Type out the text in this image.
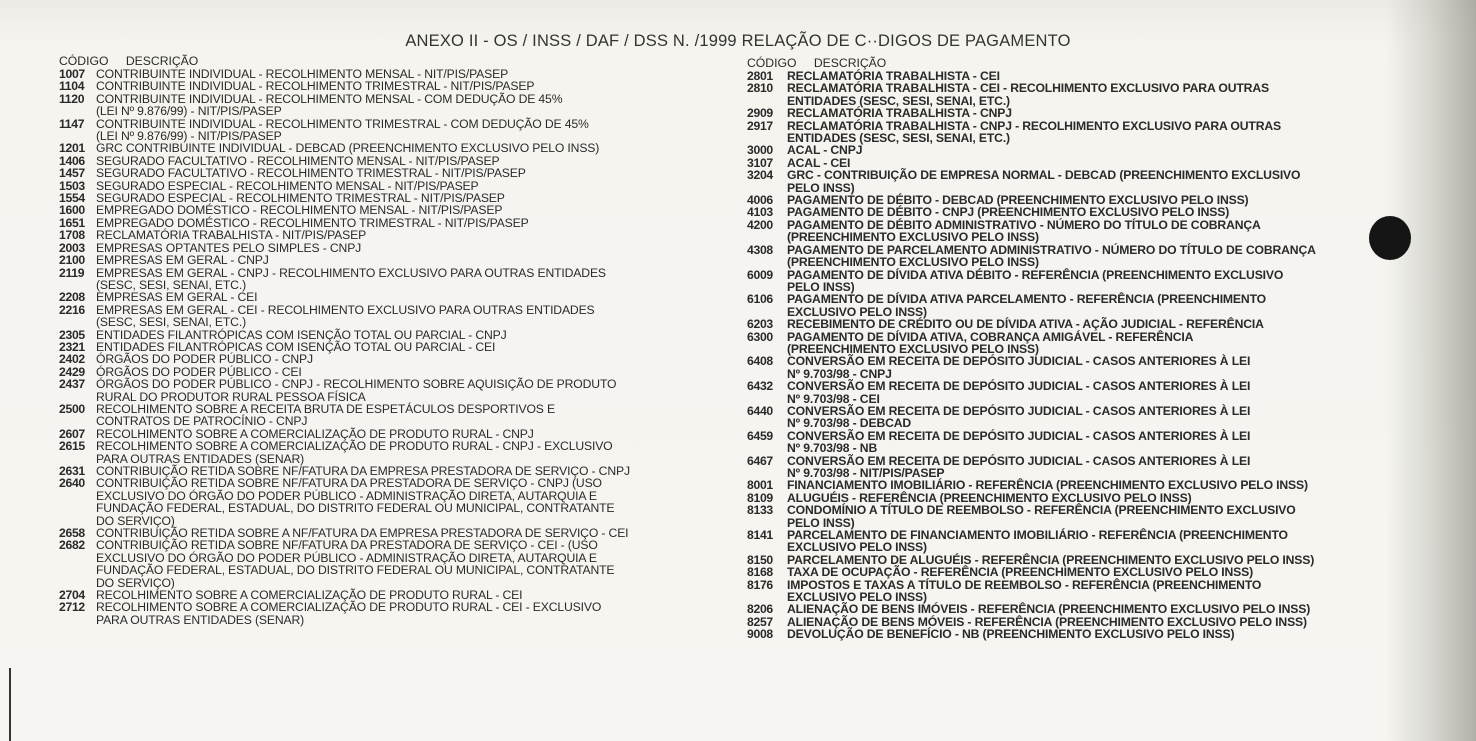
ANEXO II - OS / INSS / DAF / DSS N. /1999 RELAÇÃO DE C··DIGOS DE PAGAMENTO
CÓDIGO DESCRIÇÃO
1007 CONTRIBUINTE INDIVIDUAL - RECOLHIMENTO MENSAL - NIT/PIS/PASEP
1104 CONTRIBUINTE INDIVIDUAL - RECOLHIMENTO TRIMESTRAL - NIT/PIS/PASEP
1120 CONTRIBUINTE INDIVIDUAL - RECOLHIMENTO MENSAL - COM DEDUÇÃO DE 45%
(LEI Nº 9.876/99) - NIT/PIS/PASEP
1147 CONTRIBUINTE INDIVIDUAL - RECOLHIMENTO TRIMESTRAL - COM DEDUÇÃO DE 45%
(LEI Nº 9.876/99) - NIT/PIS/PASEP
1201 GRC CONTRIBUINTE INDIVIDUAL - DEBCAD (PREENCHIMENTO EXCLUSIVO PELO INSS)
1406 SEGURADO FACULTATIVO - RECOLHIMENTO MENSAL - NIT/PIS/PASEP
1457 SEGURADO FACULTATIVO - RECOLHIMENTO TRIMESTRAL - NIT/PIS/PASEP
1503 SEGURADO ESPECIAL - RECOLHIMENTO MENSAL - NIT/PIS/PASEP
1554 SEGURADO ESPECIAL - RECOLHIMENTO TRIMESTRAL - NIT/PIS/PASEP
1600 EMPREGADO DOMÉSTICO - RECOLHIMENTO MENSAL - NIT/PIS/PASEP
1651 EMPREGADO DOMÉSTICO - RECOLHIMENTO TRIMESTRAL - NIT/PIS/PASEP
1708 RECLAMATÓRIA TRABALHISTA - NIT/PIS/PASEP
2003 EMPRESAS OPTANTES PELO SIMPLES - CNPJ
2100 EMPRESAS EM GERAL - CNPJ
2119 EMPRESAS EM GERAL - CNPJ - RECOLHIMENTO EXCLUSIVO PARA OUTRAS ENTIDADES
(SESC, SESI, SENAI, ETC.)
2208 EMPRESAS EM GERAL - CEI
2216 EMPRESAS EM GERAL - CEI - RECOLHIMENTO EXCLUSIVO PARA OUTRAS ENTIDADES
(SESC, SESI, SENAI, ETC.)
2305 ENTIDADES FILANTRÓPICAS COM ISENÇÃO TOTAL OU PARCIAL - CNPJ
2321 ENTIDADES FILANTRÓPICAS COM ISENÇÃO TOTAL OU PARCIAL - CEI
2402 ÓRGÃOS DO PODER PÚBLICO - CNPJ
2429 ÓRGÃOS DO PODER PÚBLICO - CEI
2437 ÓRGÃOS DO PODER PÚBLICO - CNPJ - RECOLHIMENTO SOBRE AQUISIÇÃO DE PRODUTO
RURAL DO PRODUTOR RURAL PESSOA FÍSICA
2500 RECOLHIMENTO SOBRE A RECEITA BRUTA DE ESPETÁCULOS DESPORTIVOS E
CONTRATOS DE PATROCÍNIO - CNPJ
2607 RECOLHIMENTO SOBRE A COMERCIALIZAÇÃO DE PRODUTO RURAL - CNPJ
2615 RECOLHIMENTO SOBRE A COMERCIALIZAÇÃO DE PRODUTO RURAL - CNPJ - EXCLUSIVO
PARA OUTRAS ENTIDADES (SENAR)
2631 CONTRIBUIÇÃO RETIDA SOBRE NF/FATURA DA EMPRESA PRESTADORA DE SERVIÇO - CNPJ
2640 CONTRIBUIÇÃO RETIDA SOBRE NF/FATURA DA PRESTADORA DE SERVIÇO - CNPJ (USO
EXCLUSIVO DO ÓRGÃO DO PODER PÚBLICO - ADMINISTRAÇÃO DIRETA, AUTARQUIA E
FUNDAÇÃO FEDERAL, ESTADUAL, DO DISTRITO FEDERAL OU MUNICIPAL, CONTRATANTE
DO SERVIÇO)
2658 CONTRIBUIÇÃO RETIDA SOBRE A NF/FATURA DA EMPRESA PRESTADORA DE SERVIÇO - CEI
2682 CONTRIBUIÇÃO RETIDA SOBRE NF/FATURA DA PRESTADORA DE SERVIÇO - CEI - (USO
EXCLUSIVO DO ÓRGÃO DO PODER PÚBLICO - ADMINISTRAÇÃO DIRETA, AUTARQUIA E
FUNDAÇÃO FEDERAL, ESTADUAL, DO DISTRITO FEDERAL OU MUNICIPAL, CONTRATANTE
DO SERVIÇO)
2704 RECOLHIMENTO SOBRE A COMERCIALIZAÇÃO DE PRODUTO RURAL - CEI
2712 RECOLHIMENTO SOBRE A COMERCIALIZAÇÃO DE PRODUTO RURAL - CEI - EXCLUSIVO
PARA OUTRAS ENTIDADES (SENAR)
CÓDIGO DESCRIÇÃO
2801	RECLAMATÓRIA TRABALHISTA - CEI
2810	RECLAMATÓRIA TRABALHISTA - CEI - RECOLHIMENTO EXCLUSIVO PARA OUTRAS
ENTIDADES (SESC, SESI, SENAI, ETC.)
2909	RECLAMATÓRIA TRABALHISTA - CNPJ
2917	RECLAMATÓRIA TRABALHISTA - CNPJ - RECOLHIMENTO EXCLUSIVO PARA OUTRAS
ENTIDADES (SESC, SESI, SENAI, ETC.)
3000	ACAL - CNPJ
3107	ACAL - CEI
3204	GRC - CONTRIBUIÇÃO DE EMPRESA NORMAL - DEBCAD (PREENCHIMENTO EXCLUSIVO
PELO INSS)
4006	PAGAMENTO DE DÉBITO - DEBCAD (PREENCHIMENTO EXCLUSIVO PELO INSS)
4103	PAGAMENTO DE DÉBITO - CNPJ (PREENCHIMENTO EXCLUSIVO PELO INSS)
4200	PAGAMENTO DE DÉBITO ADMINISTRATIVO - NÚMERO DO TÍTULO DE COBRANÇA
(PREENCHIMENTO EXCLUSIVO PELO INSS)
4308	PAGAMENTO DE PARCELAMENTO ADMINISTRATIVO - NÚMERO DO TÍTULO DE COBRANÇA
(PREENCHIMENTO EXCLUSIVO PELO INSS)
6009	PAGAMENTO DE DÍVIDA ATIVA DÉBITO - REFERÊNCIA (PREENCHIMENTO EXCLUSIVO
PELO INSS)
6106	PAGAMENTO DE DÍVIDA ATIVA PARCELAMENTO - REFERÊNCIA (PREENCHIMENTO
EXCLUSIVO PELO INSS)
6203	RECEBIMENTO DE CRÉDITO OU DE DÍVIDA ATIVA - AÇÃO JUDICIAL - REFERÊNCIA
6300	PAGAMENTO DE DÍVIDA ATIVA, COBRANÇA AMIGÁVEL - REFERÊNCIA
(PREENCHIMENTO EXCLUSIVO PELO INSS)
6408	CONVERSÃO EM RECEITA DE DEPÓSITO JUDICIAL - CASOS ANTERIORES À LEI
Nº 9.703/98 - CNPJ
6432	CONVERSÃO EM RECEITA DE DEPÓSITO JUDICIAL - CASOS ANTERIORES À LEI
Nº 9.703/98 - CEI
6440	CONVERSÃO EM RECEITA DE DEPÓSITO JUDICIAL - CASOS ANTERIORES À LEI
Nº 9.703/98 - DEBCAD
6459	CONVERSÃO EM RECEITA DE DEPÓSITO JUDICIAL - CASOS ANTERIORES À LEI
Nº 9.703/98 - NB
6467	CONVERSÃO EM RECEITA DE DEPÓSITO JUDICIAL - CASOS ANTERIORES À LEI
Nº 9.703/98 - NIT/PIS/PASEP
8001	FINANCIAMENTO IMOBILIÁRIO - REFERÊNCIA (PREENCHIMENTO EXCLUSIVO PELO INSS)
8109	ALUGUÉIS - REFERÊNCIA (PREENCHIMENTO EXCLUSIVO PELO INSS)
8133	CONDOMÍNIO A TÍTULO DE REEMBOLSO - REFERÊNCIA (PREENCHIMENTO EXCLUSIVO
PELO INSS)
8141	PARCELAMENTO DE FINANCIAMENTO IMOBILIÁRIO - REFERÊNCIA (PREENCHIMENTO
EXCLUSIVO PELO INSS)
8150	PARCELAMENTO DE ALUGUÉIS - REFERÊNCIA (PREENCHIMENTO EXCLUSIVO PELO INSS)
8168	TAXA DE OCUPAÇÃO - REFERÊNCIA (PREENCHIMENTO EXCLUSIVO PELO INSS)
8176	IMPOSTOS E TAXAS A TÍTULO DE REEMBOLSO - REFERÊNCIA (PREENCHIMENTO
EXCLUSIVO PELO INSS)
8206	ALIENAÇÃO DE BENS IMÓVEIS - REFERÊNCIA (PREENCHIMENTO EXCLUSIVO PELO INSS)
8257	ALIENAÇÃO DE BENS MÓVEIS - REFERÊNCIA (PREENCHIMENTO EXCLUSIVO PELO INSS)
9008	DEVOLUÇÃO DE BENEFÍCIO - NB (PREENCHIMENTO EXCLUSIVO PELO INSS)
